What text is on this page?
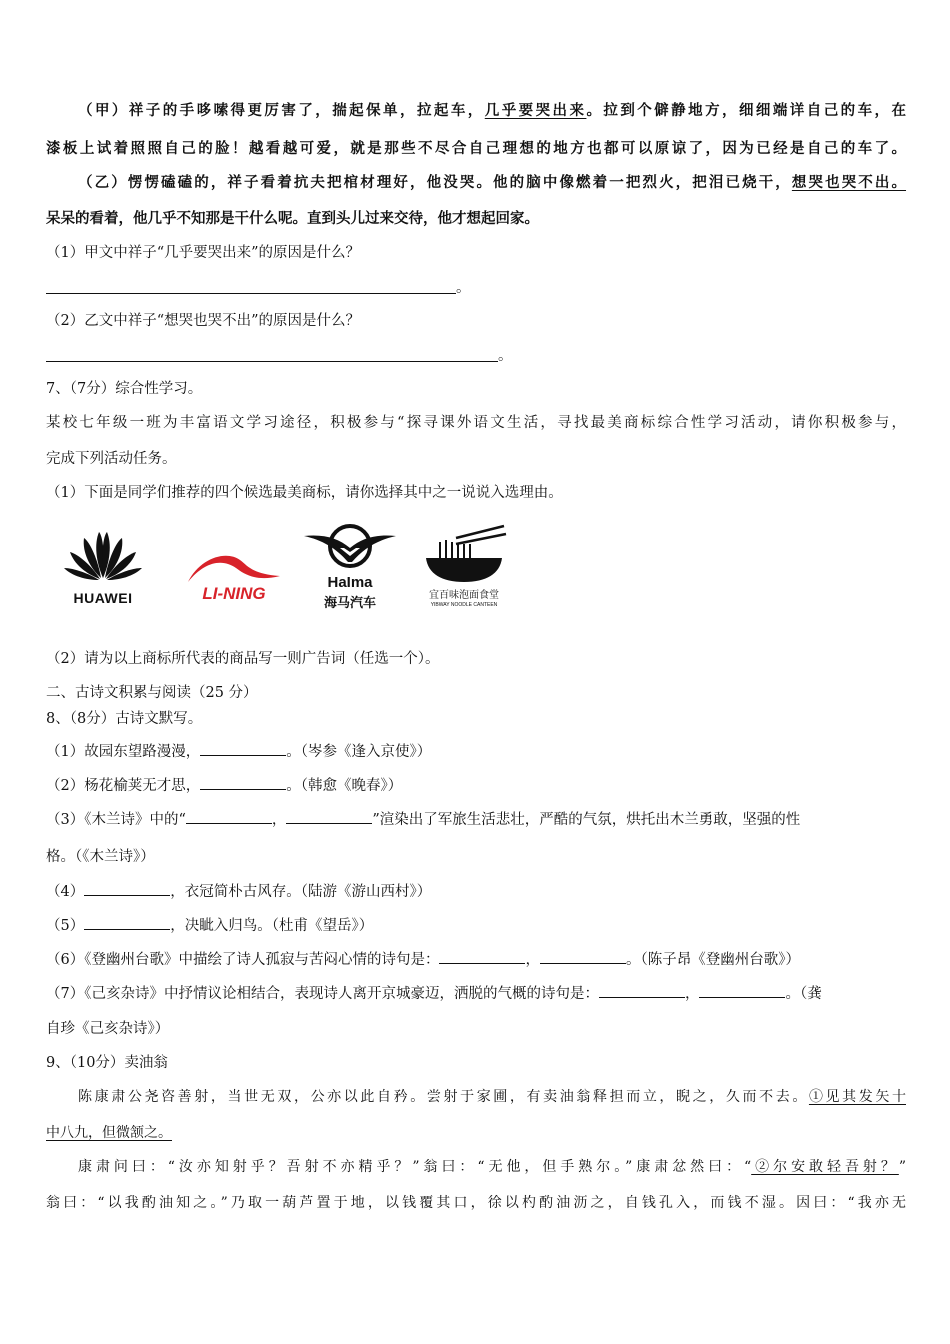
（甲）祥子的手哆嗦得更厉害了，揣起保单，拉起车，几乎要哭出来。拉到个僻静地方，细细端详自己的车，在
漆板上试着照照自己的脸！越看越可爱，就是那些不尽合自己理想的地方也都可以原谅了，因为已经是自己的车了。
（乙）愣愣磕磕的，祥子看着抗夫把棺材理好，他没哭。他的脑中像燃着一把烈火，把泪已烧干，想哭也哭不出。
呆呆的看着，他几乎不知那是干什么呢。直到头儿过来交待，他才想起回家。
（1）甲文中祥子“几乎要哭出来”的原因是什么？
。
（2）乙文中祥子“想哭也哭不出”的原因是什么？
。
7、（7分）综合性学习。
某校七年级一班为丰富语文学习途径，积极参与“探寻课外语文生活，寻找最美商标综合性学习活动，请你积极参与，
完成下列活动任务。
（1）下面是同学们推荐的四个候选最美商标，请你选择其中之一说说入选理由。
HUAWEI	LI-NING
HaIma
海马汽车
宜百味泡面食堂
YIBWAY NOODLE CANTEEN
（2）请为以上商标所代表的商品写一则广告词（任选一个）。
二、古诗文积累与阅读（25 分）
8、（8分）古诗文默写。
（1）故园东望路漫漫，	。（岑参《逢入京使》）
（2）杨花榆荚无才思，	。（韩愈《晚春》）
（3）《木兰诗》中的“	，	”渲染出了军旅生活悲壮，严酷的气氛，烘托出木兰勇敢，坚强的性
格。（《木兰诗》）
（4）	，衣冠简朴古风存。（陆游《游山西村》）
（5）	，决眦入归鸟。（杜甫《望岳》）
（6）《登幽州台歌》中描绘了诗人孤寂与苦闷心情的诗句是：	，	。（陈子昂《登幽州台歌》）
（7）《己亥杂诗》中抒情议论相结合，表现诗人离开京城豪迈，洒脱的气概的诗句是：	，	。（龚
自珍《己亥杂诗》）
9、（10分）卖油翁
陈康肃公尧咨善射，当世无双，公亦以此自矜。尝射于家圃，有卖油翁释担而立，睨之，久而不去。①见其发矢十
中八九，但微颔之。
康肃问曰：“汝亦知射乎？吾射不亦精乎？”翁曰：“无他，但手熟尔。”康肃忿然曰：“②尔安敢轻吾射？”
翁曰：“以我酌油知之。”乃取一葫芦置于地，以钱覆其口，徐以杓酌油沥之，自钱孔入，而钱不湿。因曰：“我亦无
